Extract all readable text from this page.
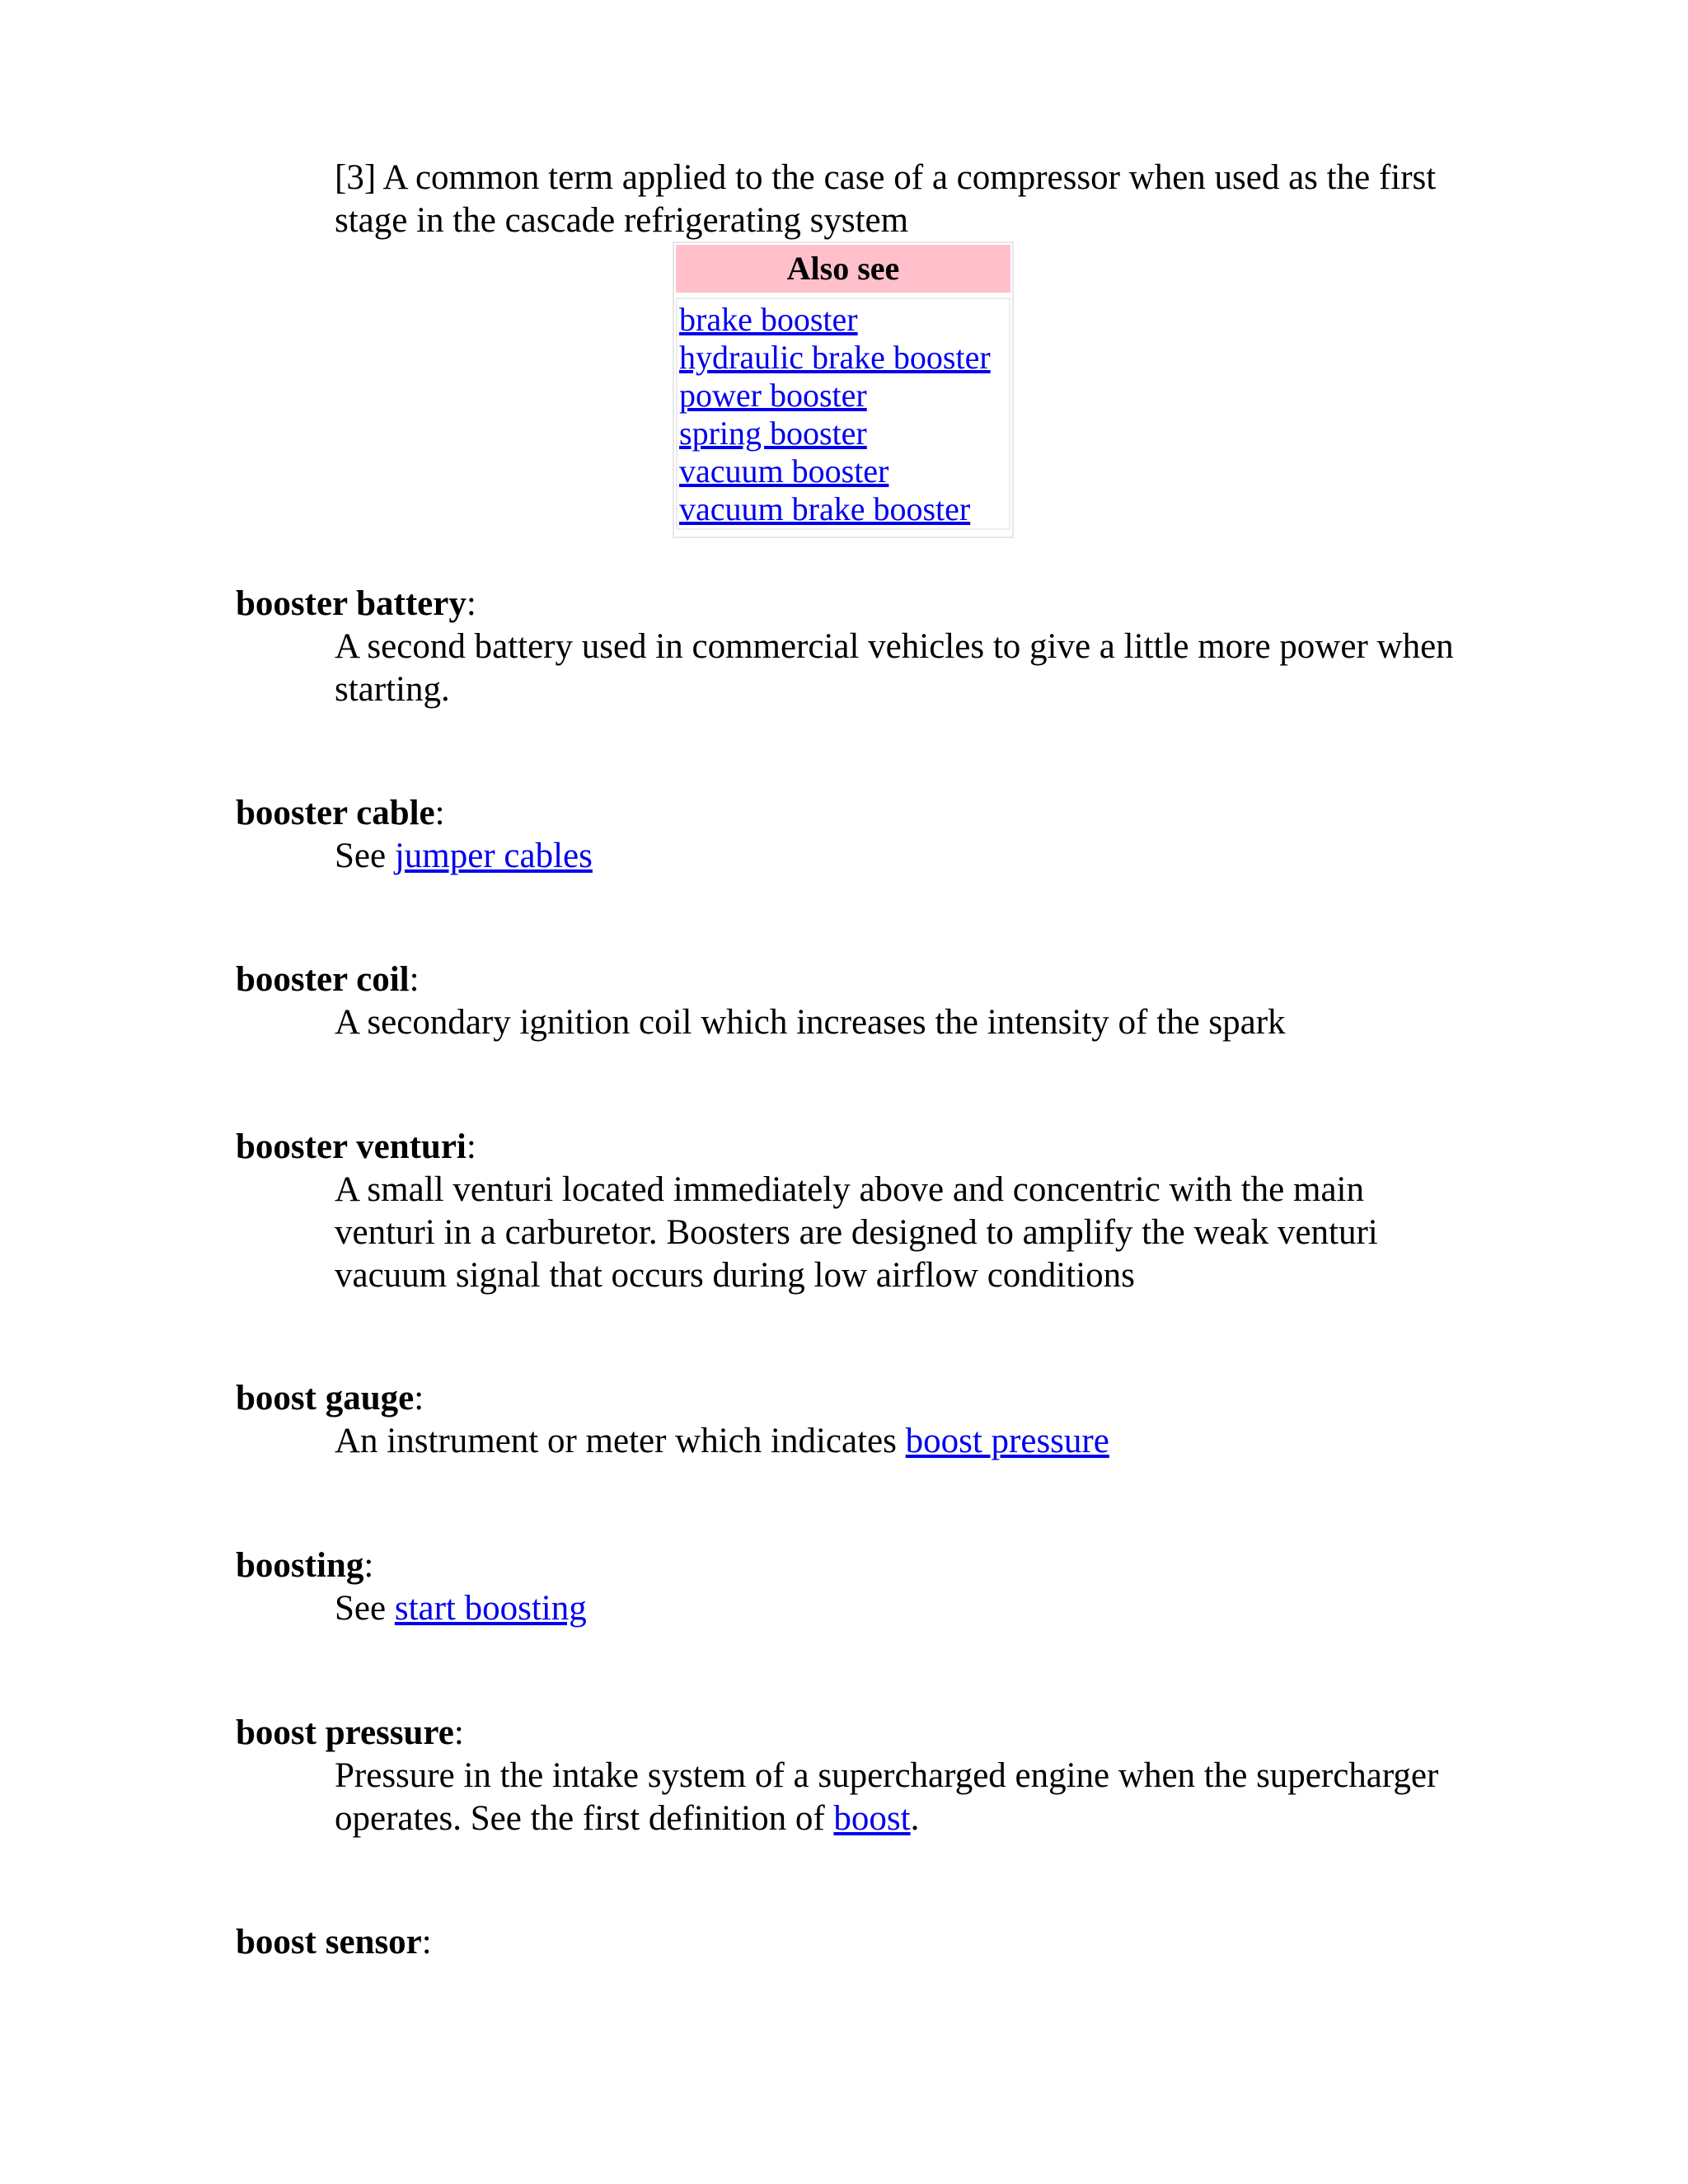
[3] A common term applied to the case of a compressor when used as the first stage in the cascade refrigerating system
Also see
brake booster
hydraulic brake booster
power booster
spring booster
vacuum booster
vacuum brake booster
booster battery:
A second battery used in commercial vehicles to give a little more power when starting.
booster cable:
See jumper cables
booster coil:
A secondary ignition coil which increases the intensity of the spark
booster venturi:
A small venturi located immediately above and concentric with the main venturi in a carburetor. Boosters are designed to amplify the weak venturi vacuum signal that occurs during low airflow conditions
boost gauge:
An instrument or meter which indicates boost pressure
boosting:
See start boosting
boost pressure:
Pressure in the intake system of a supercharged engine when the supercharger operates. See the first definition of boost.
boost sensor:
